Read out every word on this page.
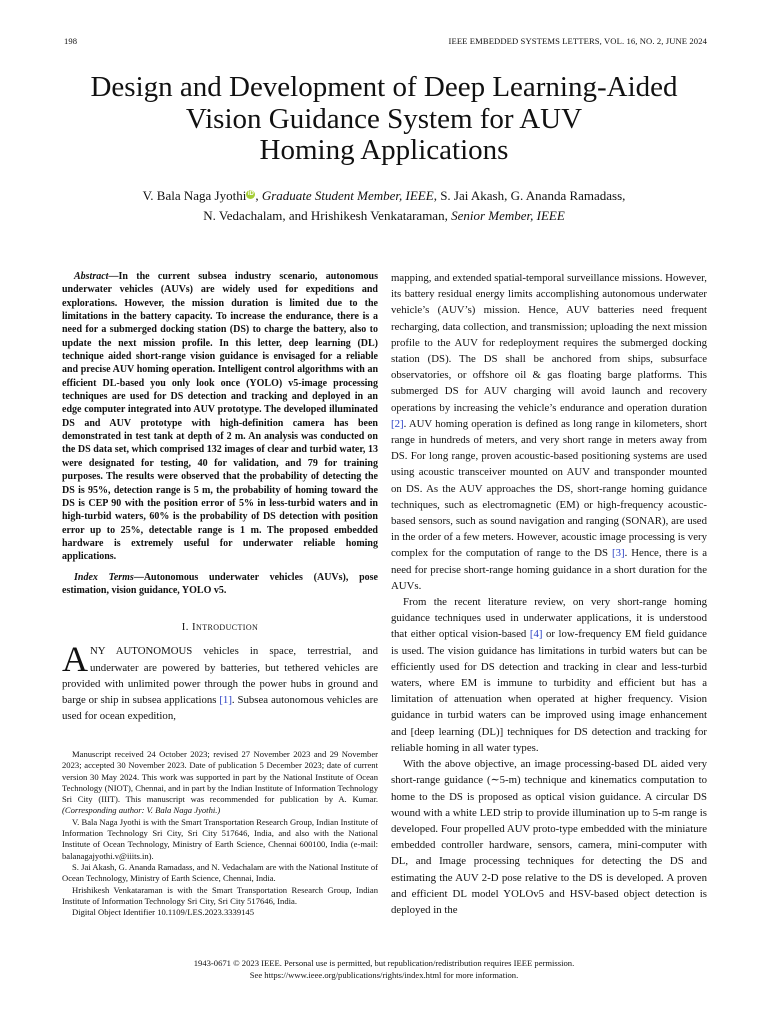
198	IEEE EMBEDDED SYSTEMS LETTERS, VOL. 16, NO. 2, JUNE 2024
Design and Development of Deep Learning-Aided
Vision Guidance System for AUV
Homing Applications
V. Bala Naga Jyothi iD , Graduate Student Member, IEEE, S. Jai Akash, G. Ananda Ramadass,
N. Vedachalam, and Hrishikesh Venkataraman, Senior Member, IEEE
Abstract—In the current subsea industry scenario, autonomous underwater vehicles (AUVs) are widely used for expeditions and explorations. However, the mission duration is limited due to the limitations in the battery capacity. To increase the endurance, there is a need for a submerged docking station (DS) to charge the battery, also to update the next mission profile. In this letter, deep learning (DL) technique aided short-range vision guidance is envisaged for a reliable and precise AUV homing operation. Intelligent control algorithms with an efficient DL-based you only look once (YOLO) v5-image processing techniques are used for DS detection and tracking and deployed in an edge computer integrated into AUV prototype. The developed illuminated DS and AUV prototype with high-definition camera has been demonstrated in test tank at depth of 2 m. An analysis was conducted on the DS data set, which comprised 132 images of clear and turbid water, 13 were designated for testing, 40 for validation, and 79 for training purposes. The results were observed that the probability of detecting the DS is 95%, detection range is 5 m, the probability of homing toward the DS is CEP 90 with the position error of 5% in less-turbid waters and in high-turbid waters, 60% is the probability of DS detection with position error up to 25%, detectable range is 1 m. The proposed embedded hardware is extremely useful for underwater reliable homing applications.
Index Terms—Autonomous underwater vehicles (AUVs), pose estimation, vision guidance, YOLO v5.
I. Introduction

ANY AUTONOMOUS vehicles in space, terrestrial, and underwater are powered by batteries, but tethered vehicles are provided with unlimited power through the power hubs in ground and barge or ship in subsea applications [1]. Subsea autonomous vehicles are used for ocean expedition,

Manuscript received 24 October 2023; revised 27 November 2023 and 29 November 2023; accepted 30 November 2023. Date of publication 5 December 2023; date of current version 30 May 2024. This work was supported in part by the National Institute of Ocean Technology (NIOT), Chennai, and in part by the Indian Institute of Information Technology Sri City (IIIT). This manuscript was recommended for publication by A. Kumar. (Corresponding author: V. Bala Naga Jyothi.)

V. Bala Naga Jyothi is with the Smart Transportation Research Group, Indian Institute of Information Technology Sri City, Sri City 517646, India, and also with the National Institute of Ocean Technology, Ministry of Earth Science, Chennai 600100, India (e-mail: balanagajyothi.v@iiits.in).

S. Jai Akash, G. Ananda Ramadass, and N. Vedachalam are with the National Institute of Ocean Technology, Ministry of Earth Science, Chennai, India.

Hrishikesh Venkataraman is with the Smart Transportation Research Group, Indian Institute of Information Technology Sri City, Sri City 517646, India.

Digital Object Identifier 10.1109/LES.2023.3339145

mapping, and extended spatial-temporal surveillance missions. However, its battery residual energy limits accomplishing autonomous underwater vehicle’s (AUV’s) mission. Hence, AUV batteries need frequent recharging, data collection, and transmission; uploading the next mission profile to the AUV for redeployment requires the submerged docking station (DS). The DS shall be anchored from ships, subsurface observatories, or offshore oil & gas floating barge platforms. This submerged DS for AUV charging will avoid launch and recovery operations by increasing the vehicle’s endurance and operation duration [2]. AUV homing operation is defined as long range in kilometers, short range in hundreds of meters, and very short range in meters away from DS. For long range, proven acoustic-based positioning systems are used using acoustic transceiver mounted on AUV and transponder mounted on DS. As the AUV approaches the DS, short-range homing guidance techniques, such as electromagnetic (EM) or high-frequency acoustic-based sensors, such as sound navigation and ranging (SONAR), are used in the order of a few meters. However, acoustic image processing is very complex for the computation of range to the DS [3]. Hence, there is a need for precise short-range homing guidance in a short duration for the AUVs.

From the recent literature review, on very short-range homing guidance techniques used in underwater applications, it is understood that either optical vision-based [4] or low-frequency EM field guidance is used. The vision guidance has limitations in turbid waters but can be efficiently used for DS detection and tracking in clear and less-turbid waters, where EM is immune to turbidity and efficient but has a limitation of attenuation when operated at higher frequency. Vision guidance in turbid waters can be improved using image enhancement and [deep learning (DL)] techniques for DS detection and tracking for reliable homing in all water types.

With the above objective, an image processing-based DL aided very short-range guidance (∼5-m) technique and kinematics computation to home to the DS is proposed as optical vision guidance. A circular DS wound with a white LED strip to provide illumination up to 5-m range is developed. Four propelled AUV proto-type embedded with the miniature embedded controller hardware, sensors, camera, mini-computer with DL, and Image processing techniques for detecting the DS and estimating the AUV 2-D pose relative to the DS is developed. A proven and efficient DL model YOLOv5 and HSV-based object detection is deployed in the

1943-0671 © 2023 IEEE. Personal use is permitted, but republication/redistribution requires IEEE permission.
See https://www.ieee.org/publications/rights/index.html for more information.
